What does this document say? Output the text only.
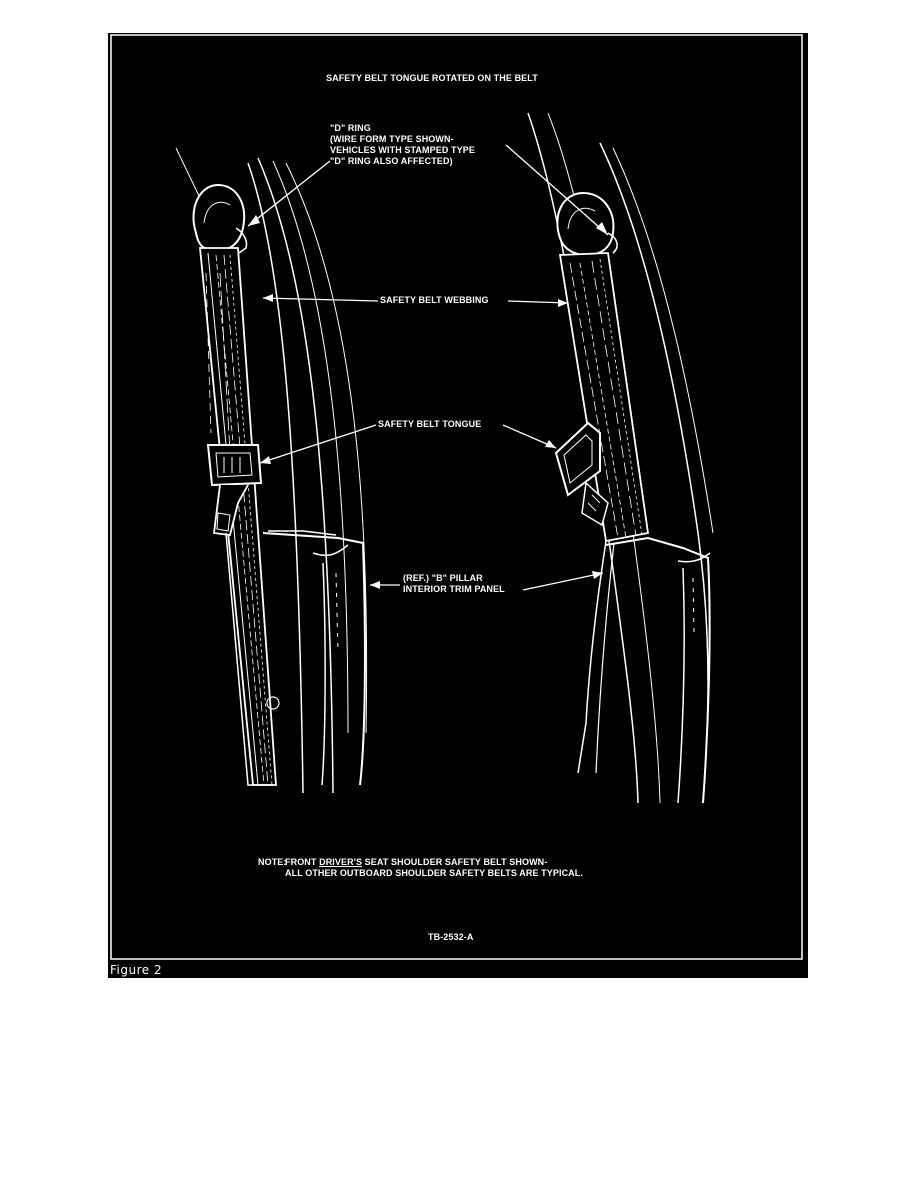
SAFETY BELT TONGUE ROTATED ON THE BELT
"D" RING
(WIRE FORM TYPE SHOWN-
VEHICLES WITH STAMPED TYPE
"D" RING ALSO AFFECTED)
SAFETY BELT WEBBING
SAFETY BELT TONGUE
(REF.) "B" PILLAR
INTERIOR TRIM PANEL
NOTE:
FRONT DRIVER'S SEAT SHOULDER SAFETY BELT SHOWN-
ALL OTHER OUTBOARD SHOULDER SAFETY BELTS ARE TYPICAL.
TB-2532-A
Figure 2
